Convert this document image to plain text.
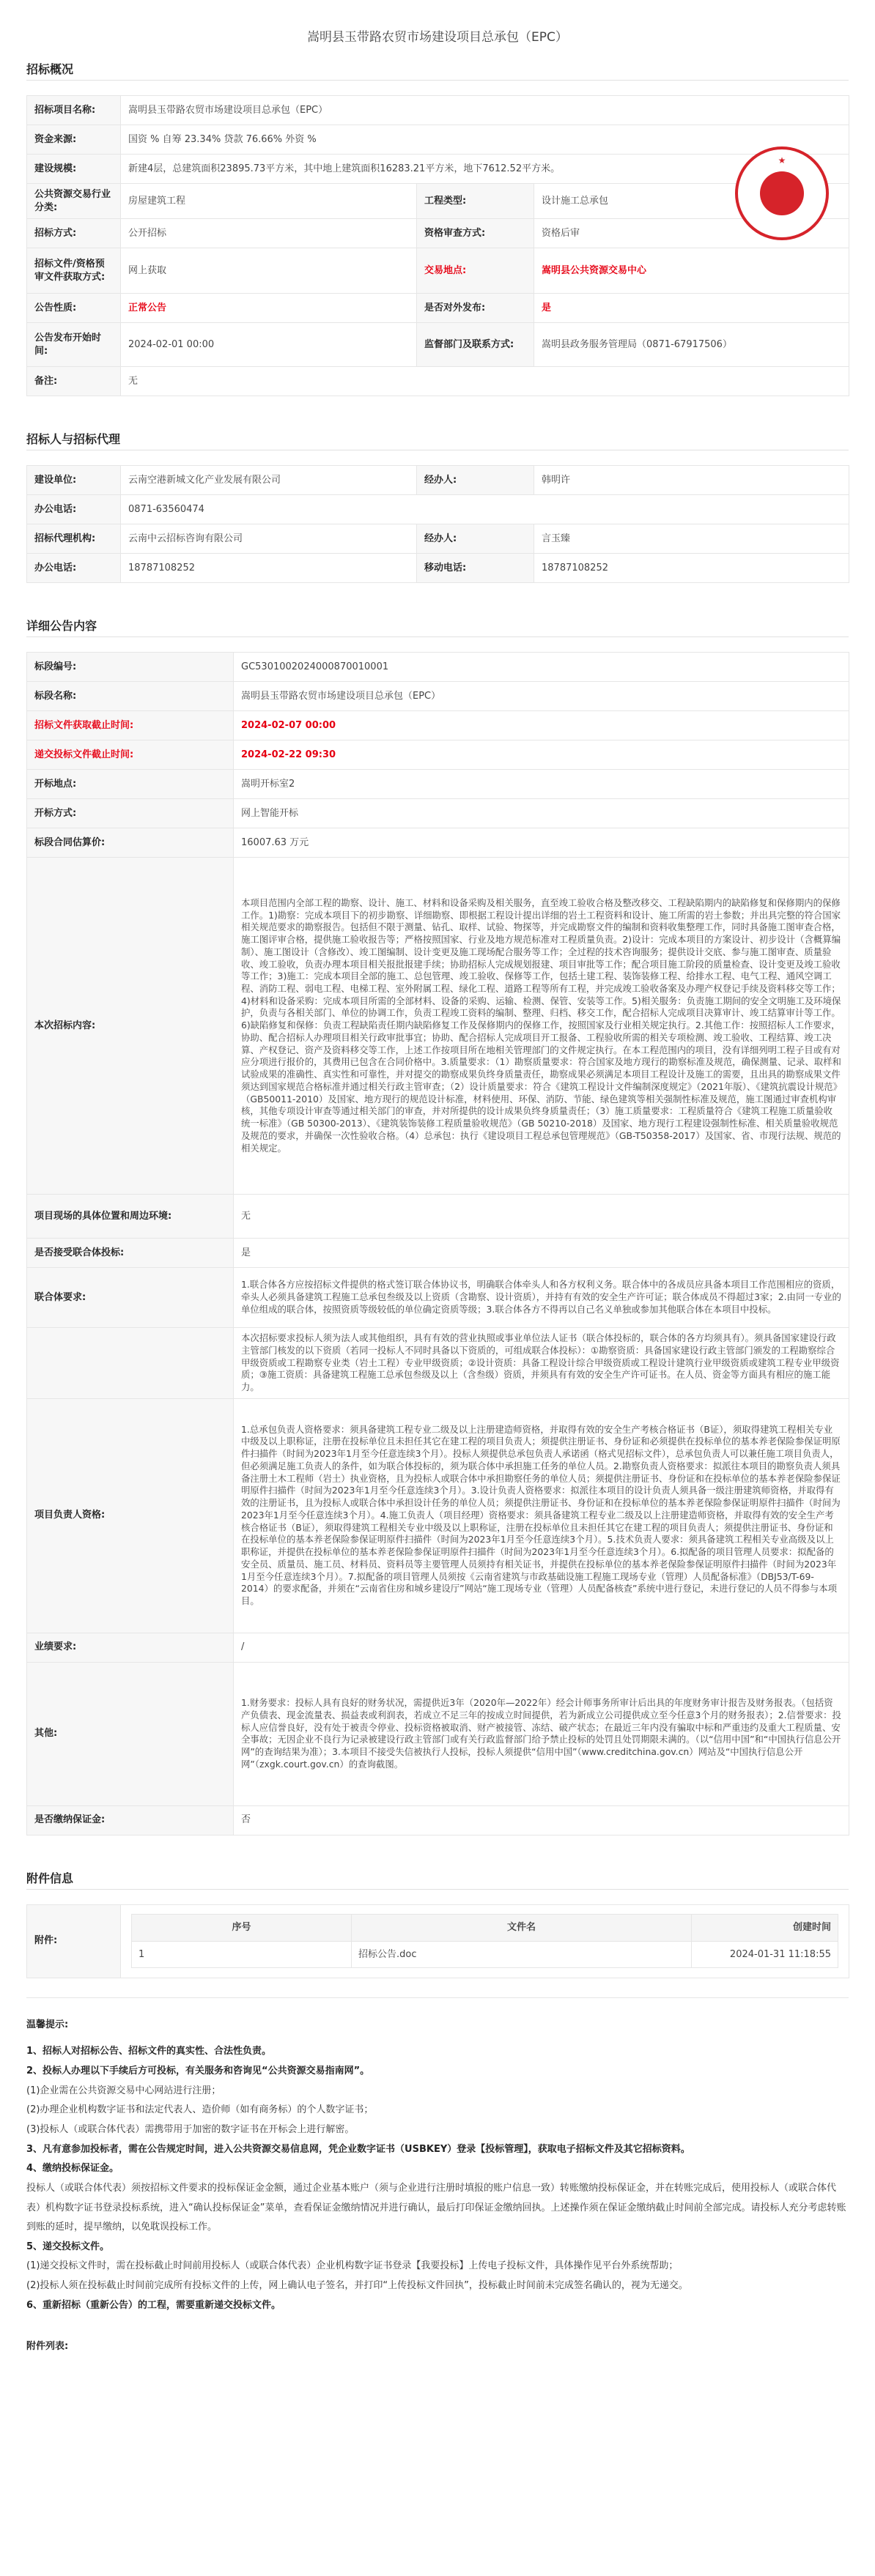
嵩明县玉带路农贸市场建设项目总承包（EPC）
招标概况
招标项目名称:	嵩明县玉带路农贸市场建设项目总承包（EPC）		
资金来源:	国资 % 自筹 23.34% 贷款 76.66% 外资 %		
建设规模:	新建4层，总建筑面积23895.73平方米，其中地上建筑面积16283.21平方米，地下7612.52平方米。		
公共资源交易行业分类:	房屋建筑工程	工程类型:	设计施工总承包
招标方式:	公开招标	资格审查方式:	资格后审
招标文件/资格预审文件获取方式:	网上获取	交易地点:	嵩明县公共资源交易中心
公告性质:	正常公告	是否对外发布:	是
公告发布开始时间:	2024-02-01 00:00	监督部门及联系方式:	嵩明县政务服务管理局（0871-67917506）
备注:	无		
★
招标人与招标代理
建设单位:	云南空港新城文化产业发展有限公司	经办人:	韩明许
办公电话:	0871-63560474		
招标代理机构:	云南中云招标咨询有限公司	经办人:	言玉臻
办公电话:	18787108252	移动电话:	18787108252
详细公告内容
标段编号:	GC5301002024000870010001
标段名称:	嵩明县玉带路农贸市场建设项目总承包（EPC）
招标文件获取截止时间:	2024-02-07 00:00
递交投标文件截止时间:	2024-02-22 09:30
开标地点:	嵩明开标室2
开标方式:	网上智能开标
标段合同估算价:	16007.63 万元
本次招标内容:	本项目范围内全部工程的勘察、设计、施工、材料和设备采购及相关服务，直至竣工验收合格及整改移交、工程缺陷期内的缺陷修复和保修期内的保修工作。1)勘察：完成本项目下的初步勘察、详细勘察、即根据工程设计提出详细的岩土工程资料和设计、施工所需的岩土参数；并出具完整的符合国家相关规范要求的勘察报告。包括但不限于测量、钻孔、取样、试验、物探等，并完成勘察文件的编制和资料收集整理工作，同时具备施工图审查合格，施工图评审合格，提供施工验收报告等；严格按照国家、行业及地方规范标准对工程质量负责。2)设计：完成本项目的方案设计、初步设计（含概算编制）、施工图设计（含修改）、竣工图编制、设计变更及施工现场配合服务等工作；全过程的技术咨询服务；提供设计交底、参与施工图审查、质量验收、竣工验收，负责办理本项目相关报批报建手续；协助招标人完成规划报建、项目审批等工作；配合项目施工阶段的质量检查、设计变更及竣工验收等工作；3)施工：完成本项目全部的施工、总包管理、竣工验收、保修等工作，包括土建工程、装饰装修工程、给排水工程、电气工程、通风空调工程、消防工程、弱电工程、电梯工程、室外附属工程、绿化工程、道路工程等所有工程，并完成竣工验收备案及办理产权登记手续及资料移交等工作；4)材料和设备采购：完成本项目所需的全部材料、设备的采购、运输、检测、保管、安装等工作。5)相关服务：负责施工期间的安全文明施工及环境保护，负责与各相关部门、单位的协调工作，负责工程竣工资料的编制、整理、归档、移交工作，配合招标人完成项目决算审计、竣工结算审计等工作。6)缺陷修复和保修：负责工程缺陷责任期内缺陷修复工作及保修期内的保修工作，按照国家及行业相关规定执行。2.其他工作：按照招标人工作要求，协助、配合招标人办理项目相关行政审批事宜；协助、配合招标人完成项目开工报备、工程验收所需的相关专项检测、竣工验收、工程结算、竣工决算、产权登记、资产及资料移交等工作，上述工作按项目所在地相关管理部门的文件规定执行。在本工程范围内的项目，没有详细列明工程子目或有对应分项进行报价的，其费用已包含在合同价格中。3.质量要求：（1）勘察质量要求：符合国家及地方现行的勘察标准及规范，确保测量、记录、取样和试验成果的准确性、真实性和可靠性，并对提交的勘察成果负终身质量责任，勘察成果必须满足本项目工程设计及施工的需要，且出具的勘察成果文件须达到国家规范合格标准并通过相关行政主管审查；（2）设计质量要求：符合《建筑工程设计文件编制深度规定》（2021年版）、《建筑抗震设计规范》（GB50011-2010）及国家、地方现行的规范设计标准，材料使用、环保、消防、节能、绿色建筑等相关强制性标准及规范，施工图通过审查机构审核，其他专项设计审查等通过相关部门的审查，并对所提供的设计成果负终身质量责任；（3）施工质量要求：工程质量符合《建筑工程施工质量验收统一标准》（GB 50300-2013）、《建筑装饰装修工程质量验收规范》（GB 50210-2018）及国家、地方现行工程建设强制性标准、相关质量验收规范及规范的要求，并确保一次性验收合格。（4）总承包：执行《建设项目工程总承包管理规范》（GB-T50358-2017）及国家、省、市现行法规、规范的相关规定。
项目现场的具体位置和周边环境:	无
是否接受联合体投标:	是
联合体要求:	1.联合体各方应按招标文件提供的格式签订联合体协议书，明确联合体牵头人和各方权利义务。联合体中的各成员应具备本项目工作范围相应的资质，牵头人必须具备建筑工程施工总承包叁级及以上资质（含勘察、设计资质），并持有有效的安全生产许可证；联合体成员不得超过3家；2.由同一专业的单位组成的联合体，按照资质等级较低的单位确定资质等级；3.联合体各方不得再以自己名义单独或参加其他联合体在本项目中投标。
	本次招标要求投标人须为法人或其他组织，具有有效的营业执照或事业单位法人证书（联合体投标的，联合体的各方均须具有）。须具备国家建设行政主管部门核发的以下资质（若同一投标人不同时具备以下资质的，可组成联合体投标）：①勘察资质：具备国家建设行政主管部门颁发的工程勘察综合甲级资质或工程勘察专业类（岩土工程）专业甲级资质；②设计资质：具备工程设计综合甲级资质或工程设计建筑行业甲级资质或建筑工程专业甲级资质；③施工资质：具备建筑工程施工总承包叁级及以上（含叁级）资质，并须具有有效的安全生产许可证书。在人员、资金等方面具有相应的施工能力。
项目负责人资格:	1.总承包负责人资格要求：须具备建筑工程专业二级及以上注册建造师资格，并取得有效的安全生产考核合格证书（B证），须取得建筑工程相关专业中级及以上职称证，注册在投标单位且未担任其它在建工程的项目负责人；须提供注册证书、身份证和必须提供在投标单位的基本养老保险参保证明原件扫描件（时间为2023年1月至今任意连续3个月）。投标人须提供总承包负责人承诺函（格式见招标文件），总承包负责人可以兼任施工项目负责人，但必须满足施工负责人的条件，如为联合体投标的，须为联合体中承担施工任务的单位人员。2.勘察负责人资格要求：拟派往本项目的勘察负责人须具备注册土木工程师（岩土）执业资格，且为投标人或联合体中承担勘察任务的单位人员；须提供注册证书、身份证和在投标单位的基本养老保险参保证明原件扫描件（时间为2023年1月至今任意连续3个月）。3.设计负责人资格要求：拟派往本项目的设计负责人须具备一级注册建筑师资格，并取得有效的注册证书，且为投标人或联合体中承担设计任务的单位人员；须提供注册证书、身份证和在投标单位的基本养老保险参保证明原件扫描件（时间为2023年1月至今任意连续3个月）。4.施工负责人（项目经理）资格要求：须具备建筑工程专业二级及以上注册建造师资格，并取得有效的安全生产考核合格证书（B证），须取得建筑工程相关专业中级及以上职称证，注册在投标单位且未担任其它在建工程的项目负责人；须提供注册证书、身份证和在投标单位的基本养老保险参保证明原件扫描件（时间为2023年1月至今任意连续3个月）。5.技术负责人要求：须具备建筑工程相关专业高级及以上职称证，并提供在投标单位的基本养老保险参保证明原件扫描件（时间为2023年1月至今任意连续3个月）。6.拟配备的项目管理人员要求：拟配备的安全员、质量员、施工员、材料员、资料员等主要管理人员须持有相关证书，并提供在投标单位的基本养老保险参保证明原件扫描件（时间为2023年1月至今任意连续3个月）。7.拟配备的项目管理人员须按《云南省建筑与市政基础设施工程施工现场专业（管理）人员配备标准》（DBJ53/T-69-2014）的要求配备，并须在“云南省住房和城乡建设厅”网站“施工现场专业（管理）人员配备核查”系统中进行登记，未进行登记的人员不得参与本项目。
业绩要求:	/
其他:	1.财务要求：投标人具有良好的财务状况，需提供近3年（2020年—2022年）经会计师事务所审计后出具的年度财务审计报告及财务报表。（包括资产负债表、现金流量表、损益表或利润表，若成立不足三年的按成立时间提供，若为新成立公司提供成立至今任意3个月的财务报表）；2.信誉要求：投标人应信誉良好，没有处于被责令停业、投标资格被取消、财产被接管、冻结、破产状态；在最近三年内没有骗取中标和严重违约及重大工程质量、安全事故；无因企业不良行为记录被建设行政主管部门或有关行政监督部门给予禁止投标的处罚且处罚期限未满的。（以“信用中国”和“中国执行信息公开网”的查询结果为准）；3.本项目不接受失信被执行人投标，投标人须提供“信用中国”（www.creditchina.gov.cn）网站及“中国执行信息公开网”（zxgk.court.gov.cn）的查询截图。
是否缴纳保证金:	否
附件信息
附件:	
序号	文件名	创建时间
1	招标公告.doc	2024-01-31 11:18:55
温馨提示:
1、招标人对招标公告、招标文件的真实性、合法性负责。
2、投标人办理以下手续后方可投标，有关服务和咨询见“公共资源交易指南网”。
(1)企业需在公共资源交易中心网站进行注册；
(2)办理企业机构数字证书和法定代表人、造价师（如有商务标）的个人数字证书；
(3)投标人（或联合体代表）需携带用于加密的数字证书在开标会上进行解密。
3、凡有意参加投标者，需在公告规定时间，进入公共资源交易信息网，凭企业数字证书（USBKEY）登录【投标管理】，获取电子招标文件及其它招标资料。
4、缴纳投标保证金。
投标人（或联合体代表）须按招标文件要求的投标保证金金额，通过企业基本账户（须与企业进行注册时填报的账户信息一致）转账缴纳投标保证金，并在转账完成后，使用投标人（或联合体代表）机构数字证书登录投标系统，进入“确认投标保证金”菜单，查看保证金缴纳情况并进行确认，最后打印保证金缴纳回执。上述操作须在保证金缴纳截止时间前全部完成。请投标人充分考虑转账到账的延时，提早缴纳，以免耽误投标工作。
5、递交投标文件。
(1)递交投标文件时，需在投标截止时间前用投标人（或联合体代表）企业机构数字证书登录【我要投标】上传电子投标文件，具体操作见平台外系统帮助；
(2)投标人须在投标截止时间前完成所有投标文件的上传，网上确认电子签名，并打印“上传投标文件回执”，投标截止时间前未完成签名确认的，视为无递交。
6、重新招标（重新公告）的工程，需要重新递交投标文件。
附件列表:
